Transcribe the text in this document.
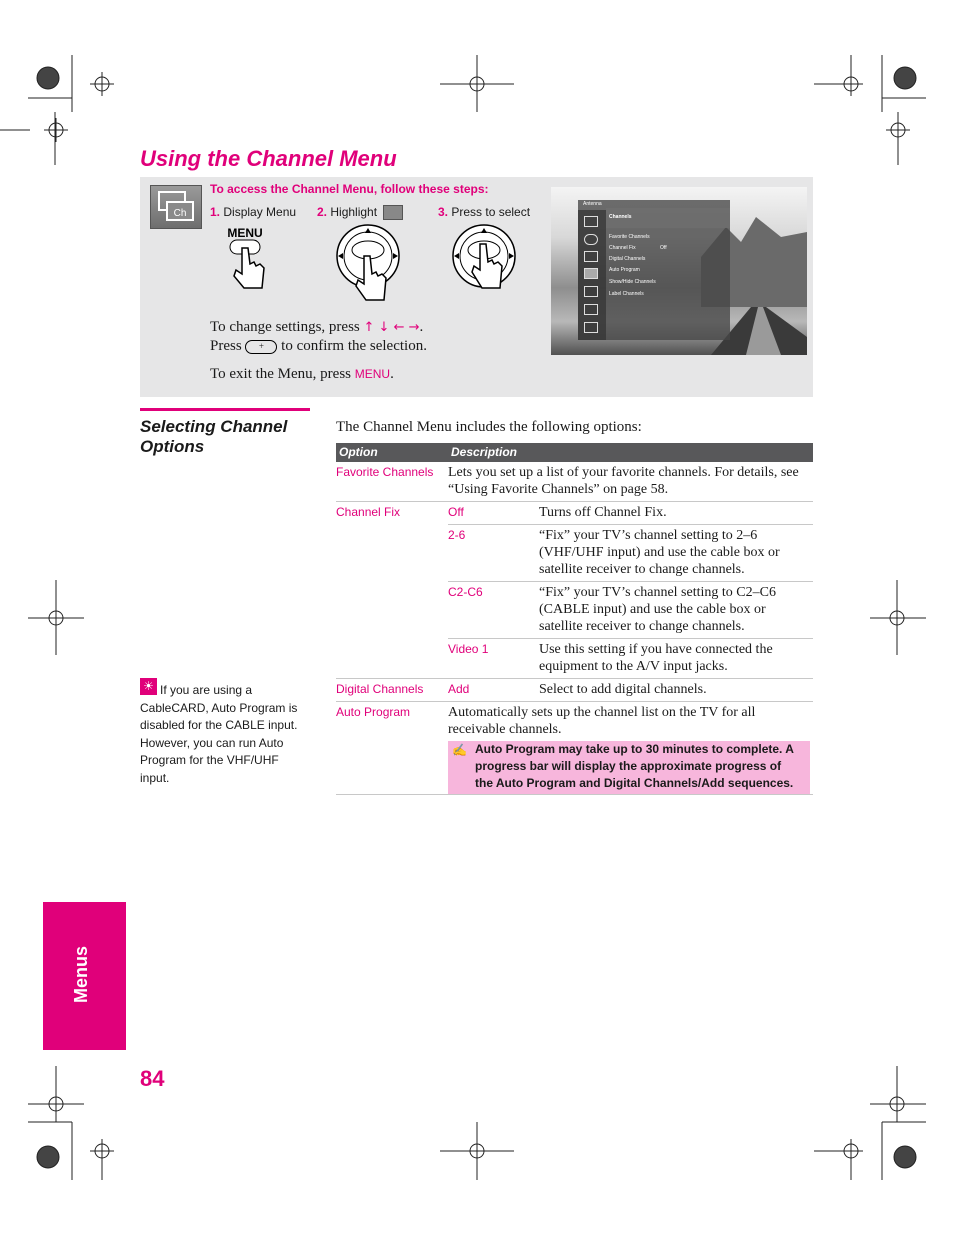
Using the Channel Menu
Ch
To access the Channel Menu, follow these steps:
1. Display Menu 2. Highlight	3. Press to select
MENU
To change settings, press ↑ ↓ ← →.
Press + to confirm the selection.
To exit the Menu, press MENU.
Antenna
Channels
Favorite Channels
Channel Fix	Off
Digital Channels
Auto Program
Show/Hide Channels
Label Channels
Selecting Channel Options
The Channel Menu includes the following options:
Option	Description	
Favorite Channels	Lets you set up a list of your favorite channels. For details, see “Using Favorite Channels” on page 58.	
Channel Fix	Off	Turns off Channel Fix.
	2-6	“Fix” your TV’s channel setting to 2–6 (VHF/UHF input) and use the cable box or satellite receiver to change channels.
	C2-C6	“Fix” your TV’s channel setting to C2–C6 (CABLE input) and use the cable box or satellite receiver to change channels.
	Video 1	Use this setting if you have connected the equipment to the A/V input jacks.
Digital Channels	Add	Select to add digital channels.
Auto Program	Automatically sets up the channel list on the TV for all receivable channels.
✍ Auto Program may take up to 30 minutes to complete. A progress bar will display the approximate progress of the Auto Program and Digital Channels/Add sequences.	
☀ If you are using a CableCARD, Auto Program is disabled for the CABLE input. However, you can run Auto Program for the VHF/UHF input.
Menus
84
